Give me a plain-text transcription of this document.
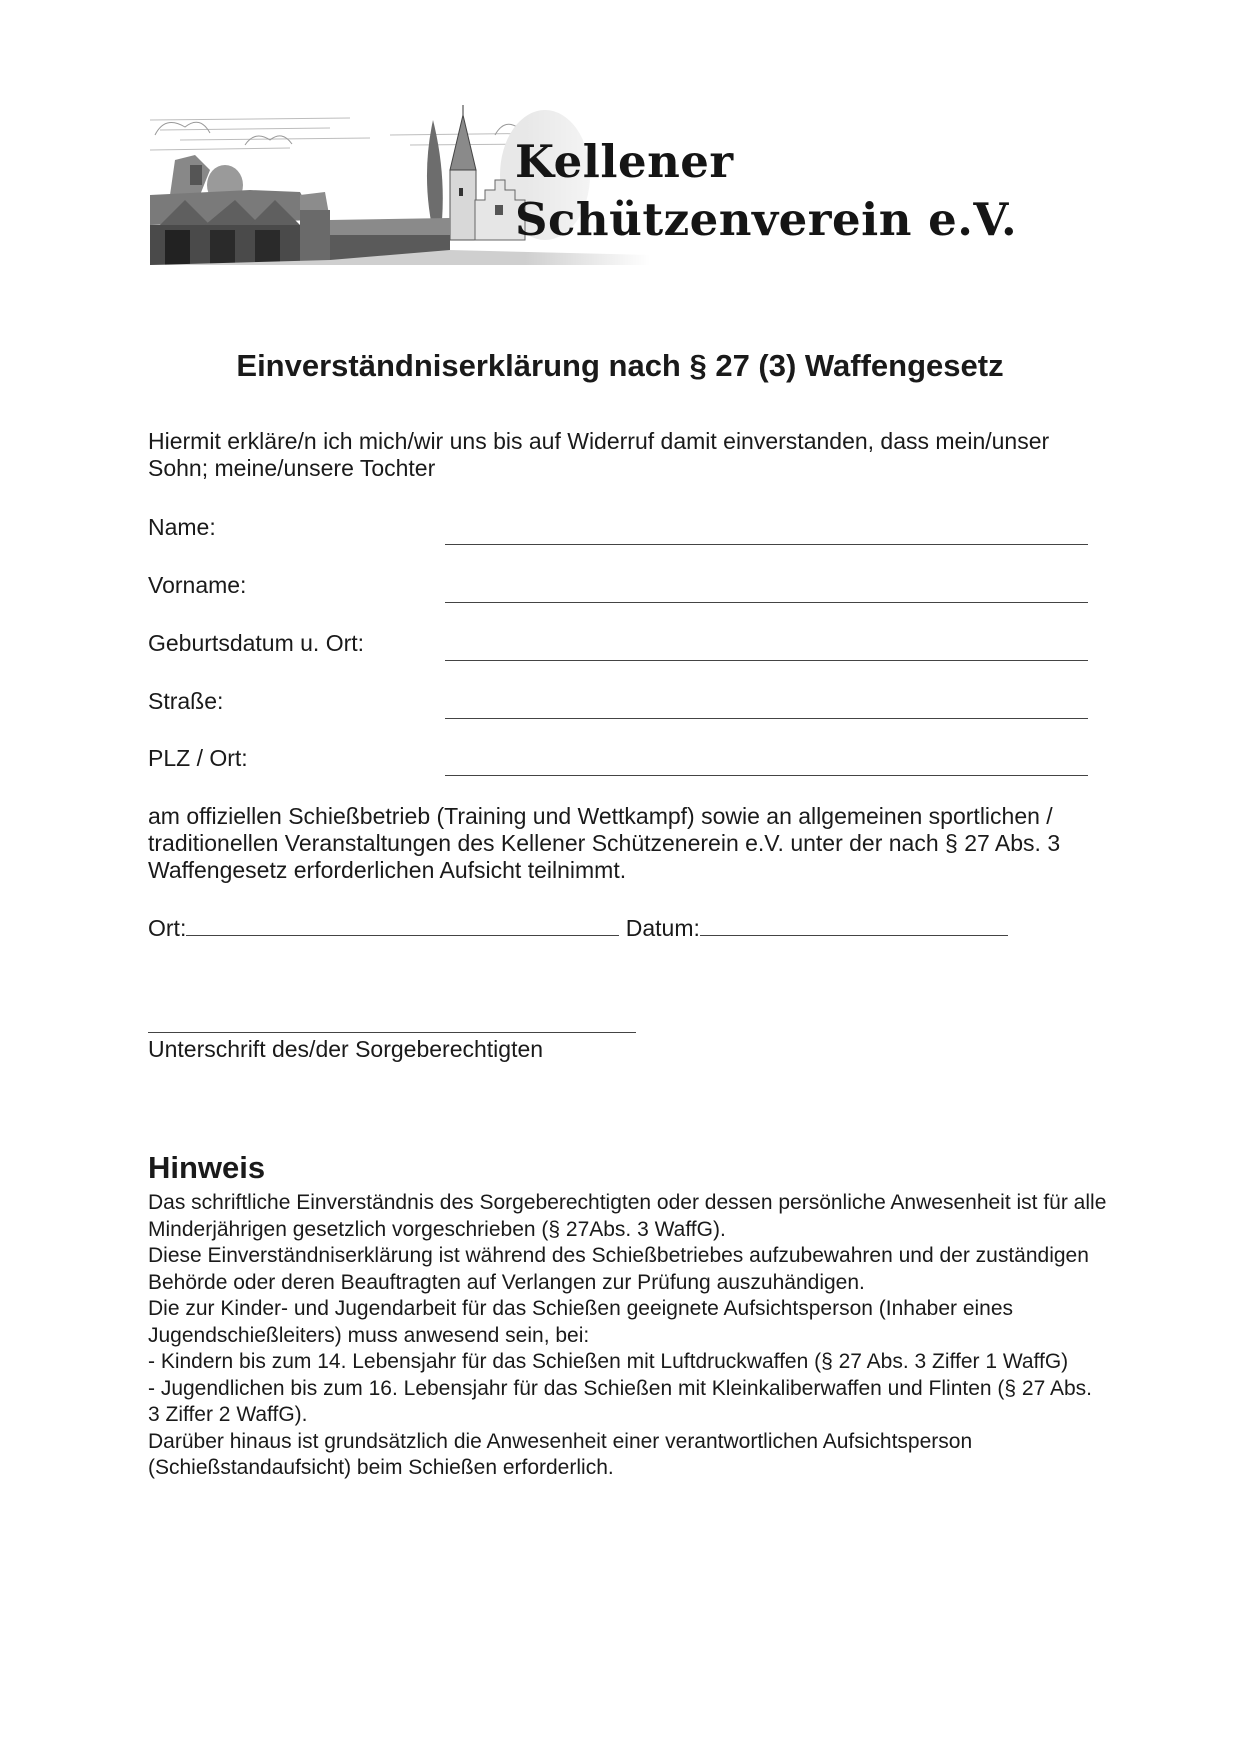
Kellener
Schützenverein e.V.
Einverständniserklärung nach § 27 (3) Waffengesetz
Hiermit erkläre/n ich mich/wir uns bis auf Widerruf damit einverstanden, dass mein/unser Sohn; meine/unsere Tochter
Name:
Vorname:
Geburtsdatum u. Ort:
Straße:
PLZ / Ort:
am offiziellen Schießbetrieb (Training und Wettkampf) sowie an allgemeinen sportlichen / traditionellen Veranstaltungen des Kellener Schützenerein e.V. unter der nach § 27 Abs. 3 Waffengesetz erforderlichen Aufsicht teilnimmt.
Ort:	Datum:
Unterschrift des/der Sorgeberechtigten
Hinweis

Das schriftliche Einverständnis des Sorgeberechtigten oder dessen persönliche Anwesenheit ist für alle Minderjährigen gesetzlich vorgeschrieben (§ 27Abs. 3 WaffG).

Diese Einverständniserklärung ist während des Schießbetriebes aufzubewahren und der zuständigen Behörde oder deren Beauftragten auf Verlangen zur Prüfung auszuhändigen.

Die zur Kinder- und Jugendarbeit für das Schießen geeignete Aufsichtsperson (Inhaber eines Jugendschießleiters) muss anwesend sein, bei:

- Kindern bis zum 14. Lebensjahr für das Schießen mit Luftdruckwaffen (§ 27 Abs. 3 Ziffer 1 WaffG)

- Jugendlichen bis zum 16. Lebensjahr für das Schießen mit Kleinkaliberwaffen und Flinten (§ 27 Abs. 3 Ziffer 2 WaffG).

Darüber hinaus ist grundsätzlich die Anwesenheit einer verantwortlichen Aufsichtsperson (Schießstandaufsicht) beim Schießen erforderlich.
